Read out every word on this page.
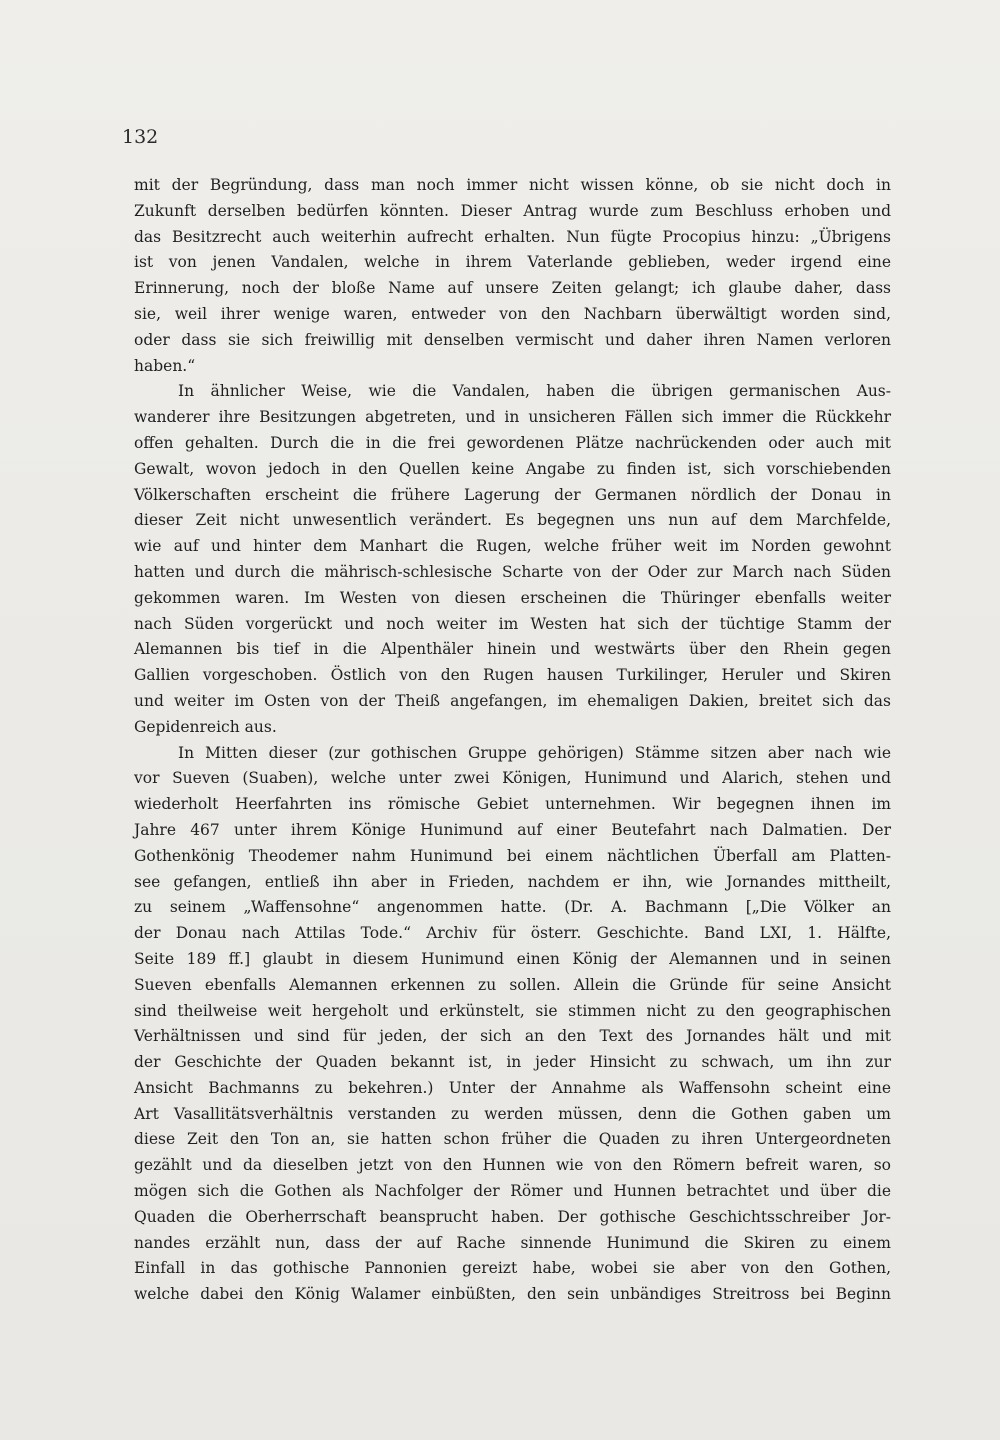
132
mit der Begründung, dass man noch immer nicht wissen könne, ob sie nicht doch in
Zukunft derselben bedürfen könnten. Dieser Antrag wurde zum Beschluss erhoben und
das Besitzrecht auch weiterhin aufrecht erhalten. Nun fügte Procopius hinzu: „Übrigens
ist von jenen Vandalen, welche in ihrem Vaterlande geblieben, weder irgend eine
Erinnerung, noch der bloße Name auf unsere Zeiten gelangt; ich glaube daher, dass
sie, weil ihrer wenige waren, entweder von den Nachbarn überwältigt worden sind,
oder dass sie sich freiwillig mit denselben vermischt und daher ihren Namen verloren
haben.“
In ähnlicher Weise, wie die Vandalen, haben die übrigen germanischen Aus-
wanderer ihre Besitzungen abgetreten, und in unsicheren Fällen sich immer die Rückkehr
offen gehalten. Durch die in die frei gewordenen Plätze nachrückenden oder auch mit
Gewalt, wovon jedoch in den Quellen keine Angabe zu finden ist, sich vorschiebenden
Völkerschaften erscheint die frühere Lagerung der Germanen nördlich der Donau in
dieser Zeit nicht unwesentlich verändert. Es begegnen uns nun auf dem Marchfelde,
wie auf und hinter dem Manhart die Rugen, welche früher weit im Norden gewohnt
hatten und durch die mährisch-schlesische Scharte von der Oder zur March nach Süden
gekommen waren. Im Westen von diesen erscheinen die Thüringer ebenfalls weiter
nach Süden vorgerückt und noch weiter im Westen hat sich der tüchtige Stamm der
Alemannen bis tief in die Alpenthäler hinein und westwärts über den Rhein gegen
Gallien vorgeschoben. Östlich von den Rugen hausen Turkilinger, Heruler und Skiren
und weiter im Osten von der Theiß angefangen, im ehemaligen Dakien, breitet sich das
Gepidenreich aus.
In Mitten dieser (zur gothischen Gruppe gehörigen) Stämme sitzen aber nach wie
vor Sueven (Suaben), welche unter zwei Königen, Hunimund und Alarich, stehen und
wiederholt Heerfahrten ins römische Gebiet unternehmen. Wir begegnen ihnen im
Jahre 467 unter ihrem Könige Hunimund auf einer Beutefahrt nach Dalmatien. Der
Gothenkönig Theodemer nahm Hunimund bei einem nächtlichen Überfall am Platten-
see gefangen, entließ ihn aber in Frieden, nachdem er ihn, wie Jornandes mittheilt,
zu seinem „Waffensohne“ angenommen hatte. (Dr. A. Bachmann [„Die Völker an
der Donau nach Attilas Tode.“ Archiv für österr. Geschichte. Band LXI, 1. Hälfte,
Seite 189 ff.] glaubt in diesem Hunimund einen König der Alemannen und in seinen
Sueven ebenfalls Alemannen erkennen zu sollen. Allein die Gründe für seine Ansicht
sind theilweise weit hergeholt und erkünstelt, sie stimmen nicht zu den geographischen
Verhältnissen und sind für jeden, der sich an den Text des Jornandes hält und mit
der Geschichte der Quaden bekannt ist, in jeder Hinsicht zu schwach, um ihn zur
Ansicht Bachmanns zu bekehren.) Unter der Annahme als Waffensohn scheint eine
Art Vasallitätsverhältnis verstanden zu werden müssen, denn die Gothen gaben um
diese Zeit den Ton an, sie hatten schon früher die Quaden zu ihren Untergeordneten
gezählt und da dieselben jetzt von den Hunnen wie von den Römern befreit waren, so
mögen sich die Gothen als Nachfolger der Römer und Hunnen betrachtet und über die
Quaden die Oberherrschaft beansprucht haben. Der gothische Geschichtsschreiber Jor-
nandes erzählt nun, dass der auf Rache sinnende Hunimund die Skiren zu einem
Einfall in das gothische Pannonien gereizt habe, wobei sie aber von den Gothen,
welche dabei den König Walamer einbüßten, den sein unbändiges Streitross bei Beginn
